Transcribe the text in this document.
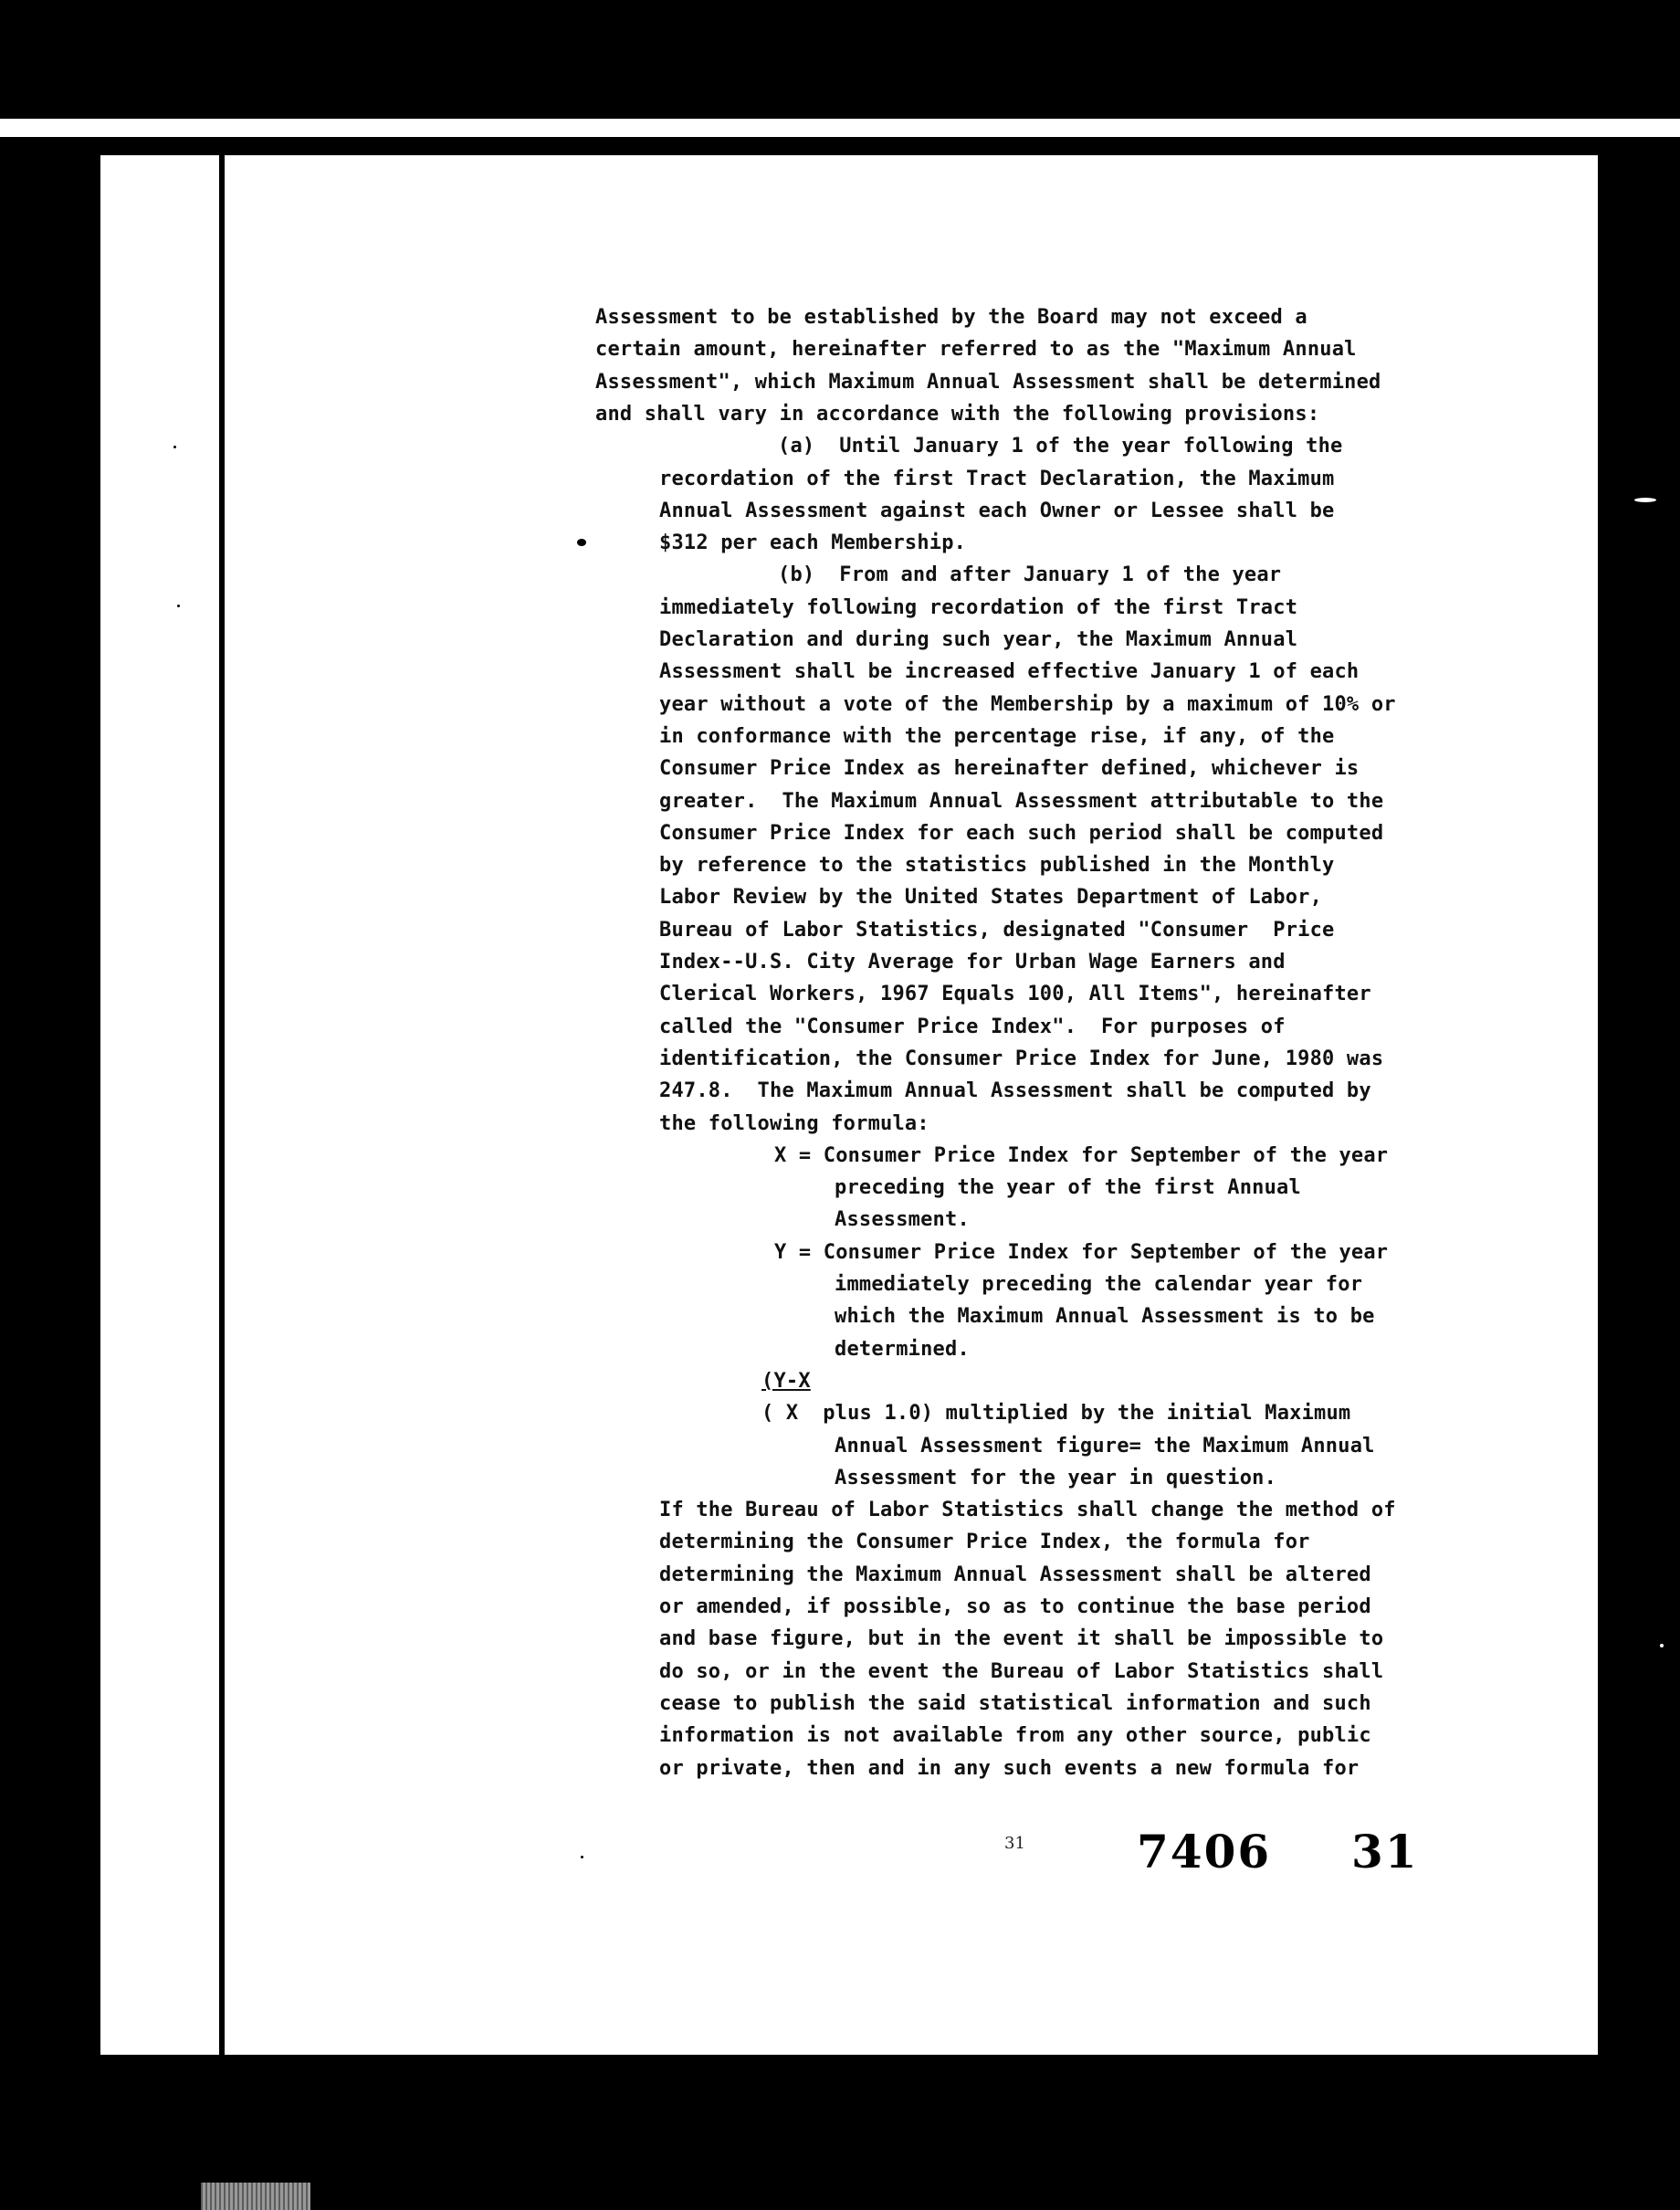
Assessment to be established by the Board may not exceed a
certain amount, hereinafter referred to as the "Maximum Annual
Assessment", which Maximum Annual Assessment shall be determined
and shall vary in accordance with the following provisions:
(a)  Until January 1 of the year following the
recordation of the first Tract Declaration, the Maximum
Annual Assessment against each Owner or Lessee shall be
$312 per each Membership.
(b)  From and after January 1 of the year
immediately following recordation of the first Tract
Declaration and during such year, the Maximum Annual
Assessment shall be increased effective January 1 of each
year without a vote of the Membership by a maximum of 10% or
in conformance with the percentage rise, if any, of the
Consumer Price Index as hereinafter defined, whichever is
greater.  The Maximum Annual Assessment attributable to the
Consumer Price Index for each such period shall be computed
by reference to the statistics published in the Monthly
Labor Review by the United States Department of Labor,
Bureau of Labor Statistics, designated "Consumer  Price
Index--U.S. City Average for Urban Wage Earners and
Clerical Workers, 1967 Equals 100, All Items", hereinafter
called the "Consumer Price Index".  For purposes of
identification, the Consumer Price Index for June, 1980 was
247.8.  The Maximum Annual Assessment shall be computed by
the following formula:
X = Consumer Price Index for September of the year
preceding the year of the first Annual
Assessment.
Y = Consumer Price Index for September of the year
immediately preceding the calendar year for
which the Maximum Annual Assessment is to be
determined.
(Y-X
( X  plus 1.0) multiplied by the initial Maximum
Annual Assessment figure= the Maximum Annual
Assessment for the year in question.
If the Bureau of Labor Statistics shall change the method of
determining the Consumer Price Index, the formula for
determining the Maximum Annual Assessment shall be altered
or amended, if possible, so as to continue the base period
and base figure, but in the event it shall be impossible to
do so, or in the event the Bureau of Labor Statistics shall
cease to publish the said statistical information and such
information is not available from any other source, public
or private, then and in any such events a new formula for
31 7406 31
